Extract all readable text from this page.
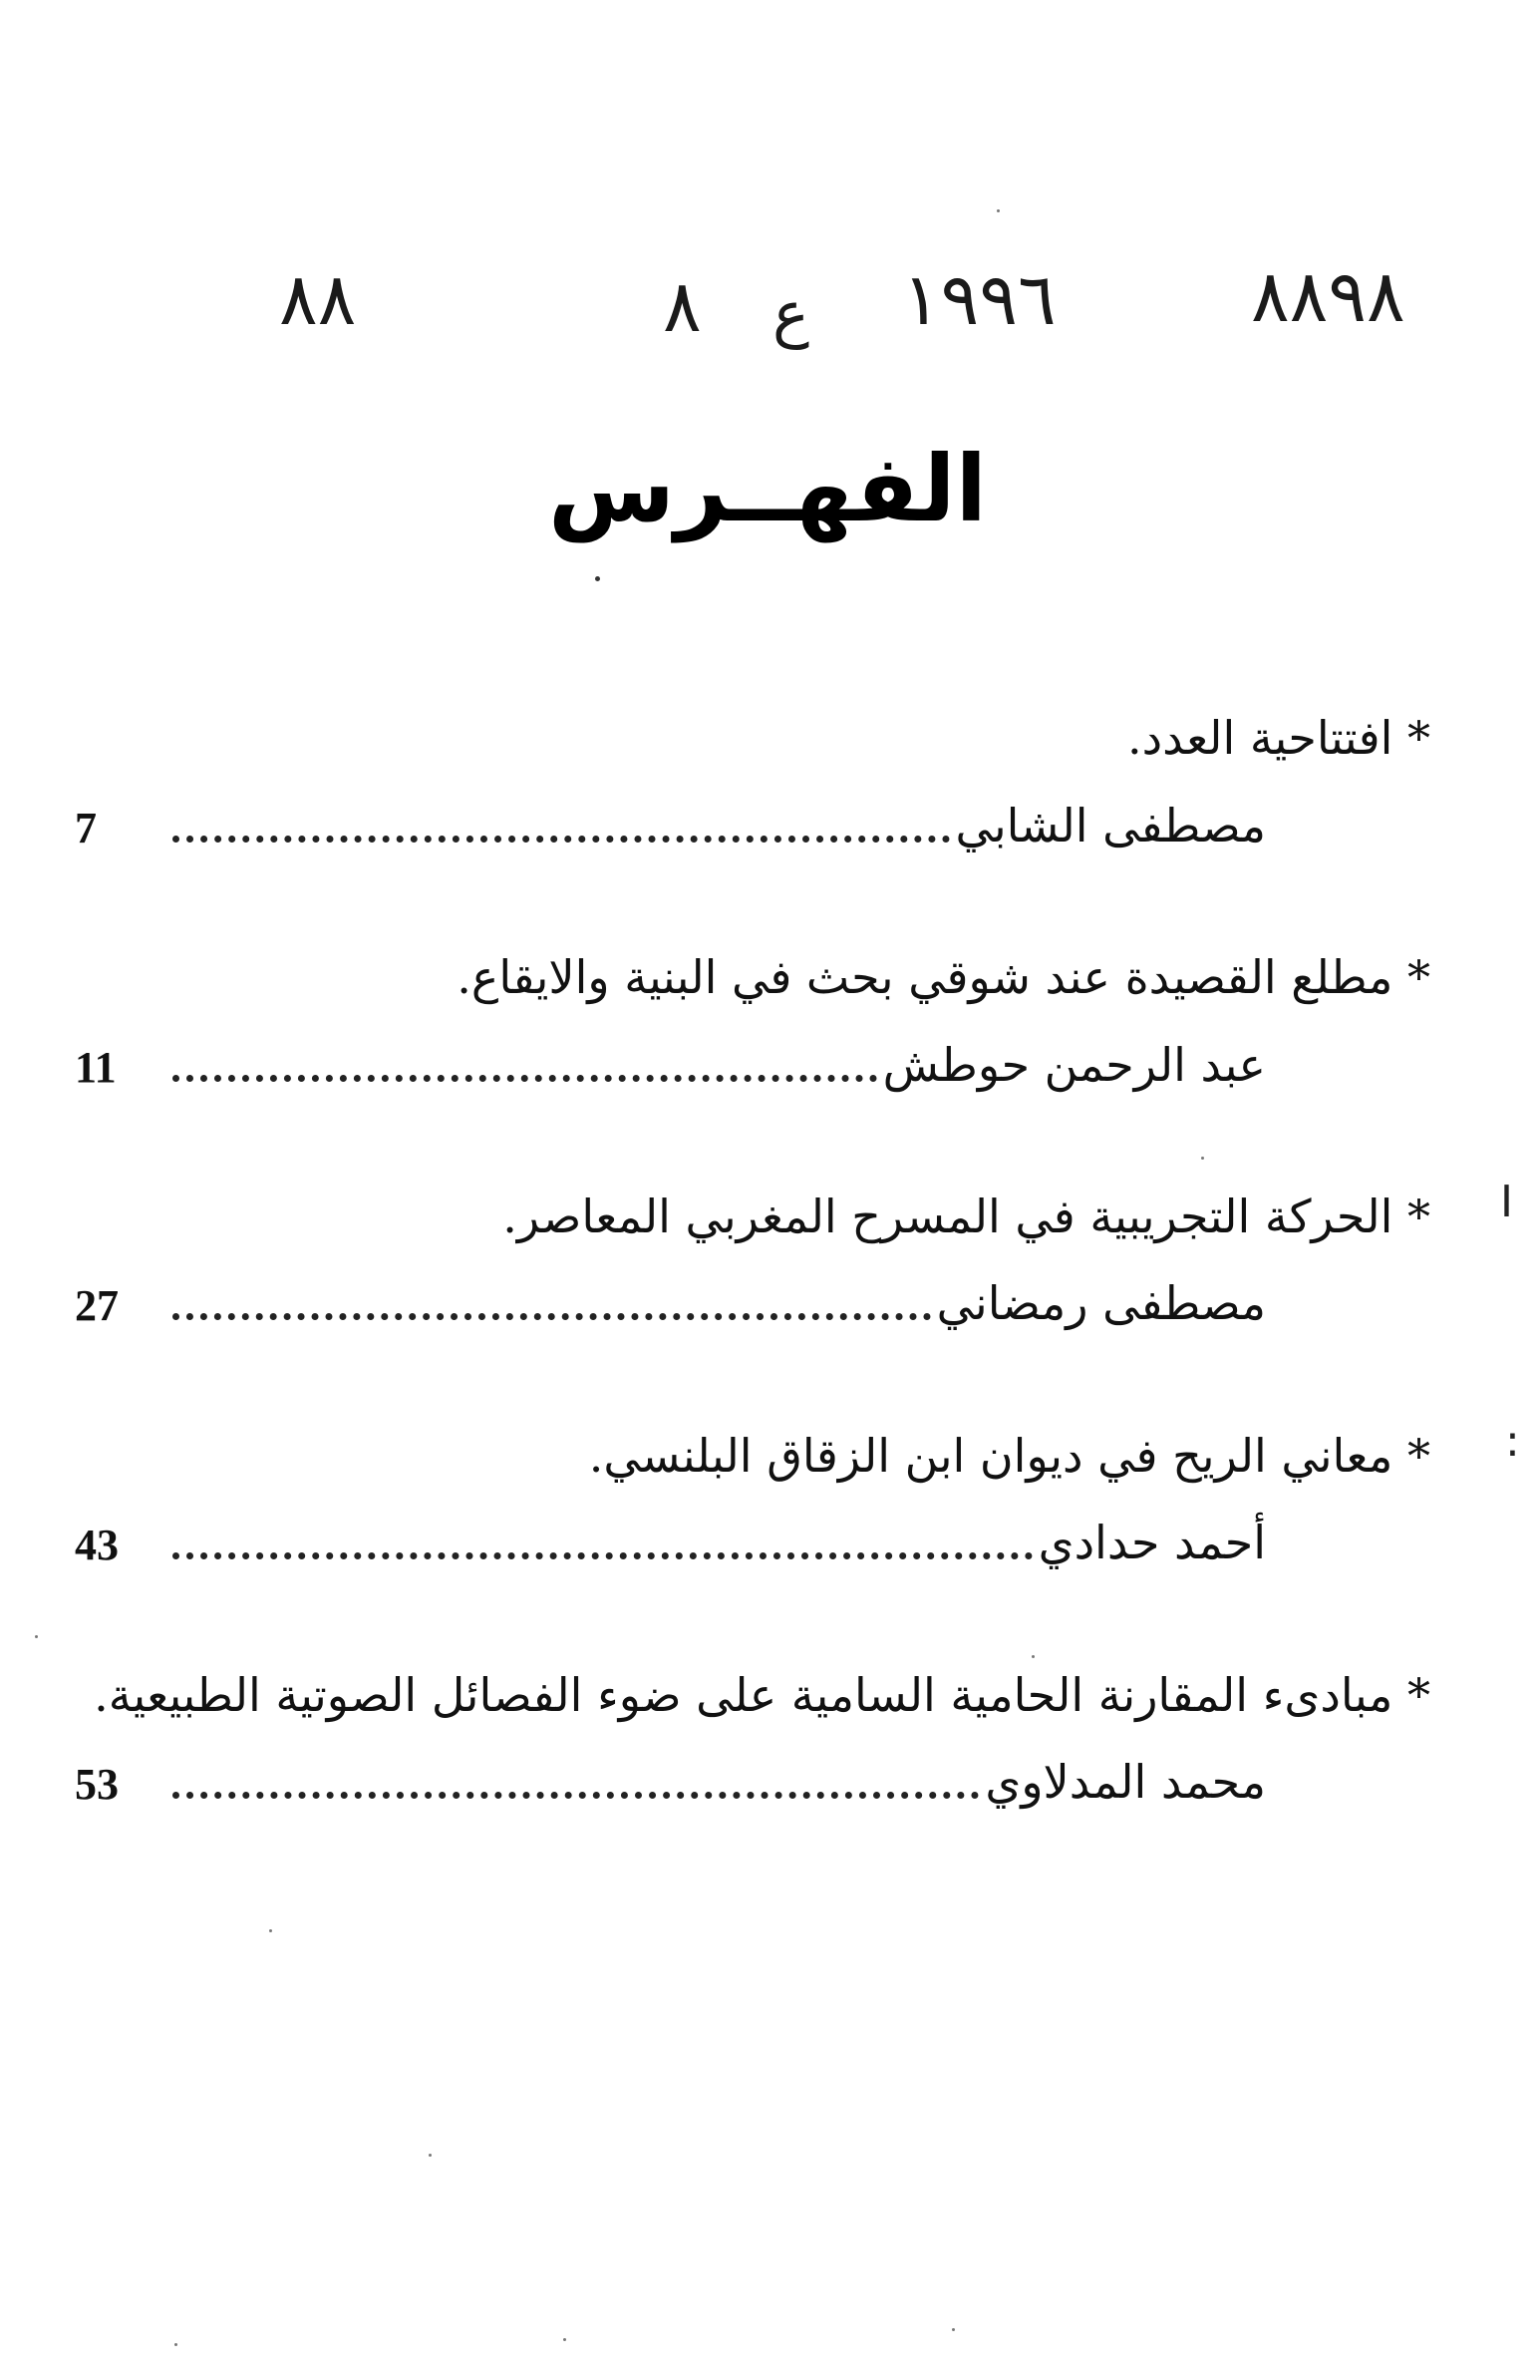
٨٨٩٨
١٩٩٦
ع
٨
٨٨
الفهــرس
* افتتاحية العدد.
7	مصطفى الشابي
* مطلع القصيدة عند شوقي بحث في البنية والايقاع.
11	عبد الرحمن حوطش
* الحركة التجريبية في المسرح المغربي المعاصر.
27	مصطفى رمضاني
* معاني الريح في ديوان ابن الزقاق البلنسي.
43	أحمد حدادي
* مبادىء المقارنة الحامية السامية على ضوء الفصائل الصوتية الطبيعية.
53	محمد المدلاوي
I
:
